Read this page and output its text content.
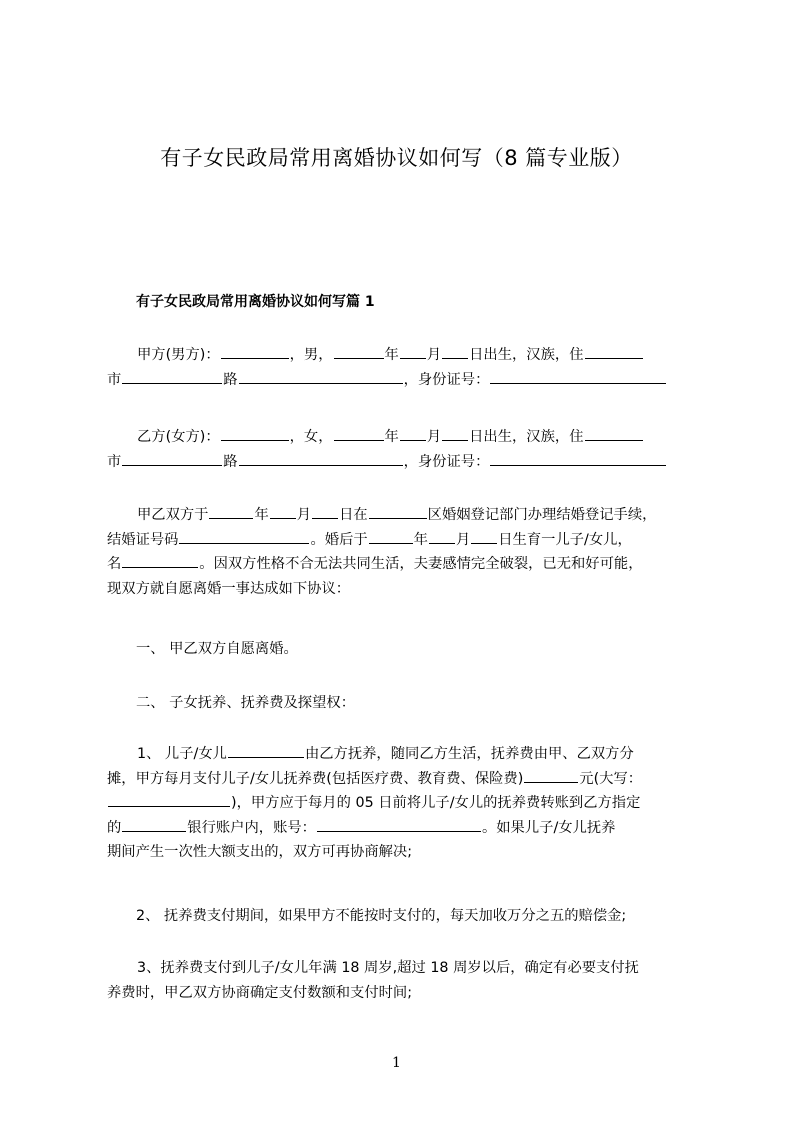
有子女民政局常用离婚协议如何写（8 篇专业版）
有子女民政局常用离婚协议如何写篇 1
甲方(男方)：	，男，	年 月 日出生，汉族，住
市	路	，身份证号：
乙方(女方)：	，女，	年 月 日出生，汉族，住
市	路	，身份证号：
甲乙双方于	年 月 日在	区婚姻登记部门办理结婚登记手续，
结婚证号码	。婚后于	年 月 日生育一儿子/女儿，
名	。因双方性格不合无法共同生活，夫妻感情完全破裂，已无和好可能，
现双方就自愿离婚一事达成如下协议：
一、 甲乙双方自愿离婚。
二、 子女抚养、抚养费及探望权：
1、 儿子/女儿	由乙方抚养，随同乙方生活，抚养费由甲、乙双方分
摊，甲方每月支付儿子/女儿抚养费(包括医疗费、教育费、保险费)	元(大写：
)，甲方应于每月的 05 日前将儿子/女儿的抚养费转账到乙方指定
的	银行账户内，账号：	。如果儿子/女儿抚养
期间产生一次性大额支出的，双方可再协商解决;
2、 抚养费支付期间，如果甲方不能按时支付的，每天加收万分之五的赔偿金;
3、抚养费支付到儿子/女儿年满 18 周岁,超过 18 周岁以后，确定有必要支付抚
养费时，甲乙双方协商确定支付数额和支付时间;
1
